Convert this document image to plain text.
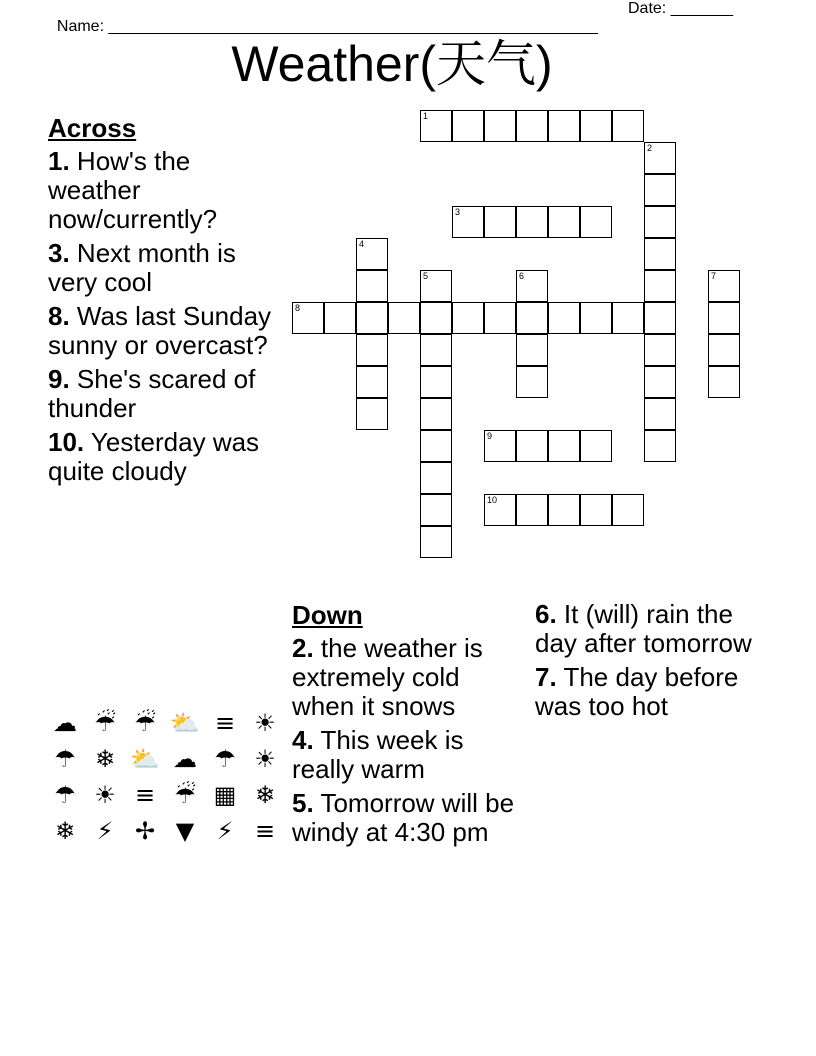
Name: _______________________________________________________

Date: _______

Weather(天气)
Across
1. How's the weather now/currently?
3. Next month is very cool
8. Was last Sunday sunny or overcast?
9. She's scared of thunder
10. Yesterday was quite cloudy
1
2
3
4
5	6	7
8
9
10
Down
2. the weather is extremely cold when it snows
4. This week is really warm
5. Tomorrow will be windy at 4:30 pm
6. It (will) rain the day after tomorrow
7. The day before was too hot
☁ ☔ ☔ ⛅ ≡ ☀
☂ ❄ ⛅ ☁ ☂ ☀
☂ ☀ ≡ ☔ ▦ ❄
❄ ⚡ ✢ ▼ ⚡ ≡
